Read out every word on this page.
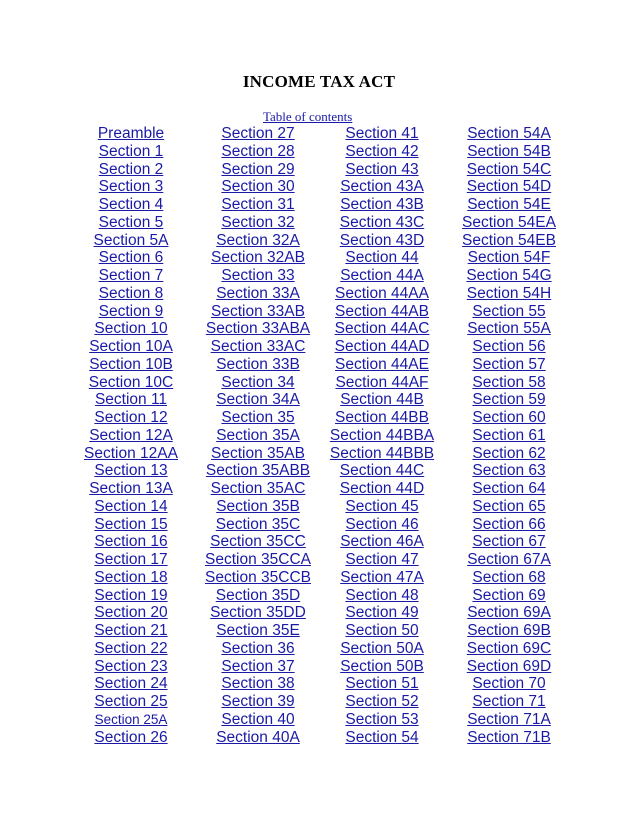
INCOME TAX ACT
Table of contents
Preamble
Section 1
Section 2
Section 3
Section 4
Section 5
Section 5A
Section 6
Section 7
Section 8
Section 9
Section 10
Section 10A
Section 10B
Section 10C
Section 11
Section 12
Section 12A
Section 12AA
Section 13
Section 13A
Section 14
Section 15
Section 16
Section 17
Section 18
Section 19
Section 20
Section 21
Section 22
Section 23
Section 24
Section 25
Section 25A
Section 26
Section 27
Section 28
Section 29
Section 30
Section 31
Section 32
Section 32A
Section 32AB
Section 33
Section 33A
Section 33AB
Section 33ABA
Section 33AC
Section 33B
Section 34
Section 34A
Section 35
Section 35A
Section 35AB
Section 35ABB
Section 35AC
Section 35B
Section 35C
Section 35CC
Section 35CCA
Section 35CCB
Section 35D
Section 35DD
Section 35E
Section 36
Section 37
Section 38
Section 39
Section 40
Section 40A
Section 41
Section 42
Section 43
Section 43A
Section 43B
Section 43C
Section 43D
Section 44
Section 44A
Section 44AA
Section 44AB
Section 44AC
Section 44AD
Section 44AE
Section 44AF
Section 44B
Section 44BB
Section 44BBA
Section 44BBB
Section 44C
Section 44D
Section 45
Section 46
Section 46A
Section 47
Section 47A
Section 48
Section 49
Section 50
Section 50A
Section 50B
Section 51
Section 52
Section 53
Section 54
Section 54A
Section 54B
Section 54C
Section 54D
Section 54E
Section 54EA
Section 54EB
Section 54F
Section 54G
Section 54H
Section 55
Section 55A
Section 56
Section 57
Section 58
Section 59
Section 60
Section 61
Section 62
Section 63
Section 64
Section 65
Section 66
Section 67
Section 67A
Section 68
Section 69
Section 69A
Section 69B
Section 69C
Section 69D
Section 70
Section 71
Section 71A
Section 71B
